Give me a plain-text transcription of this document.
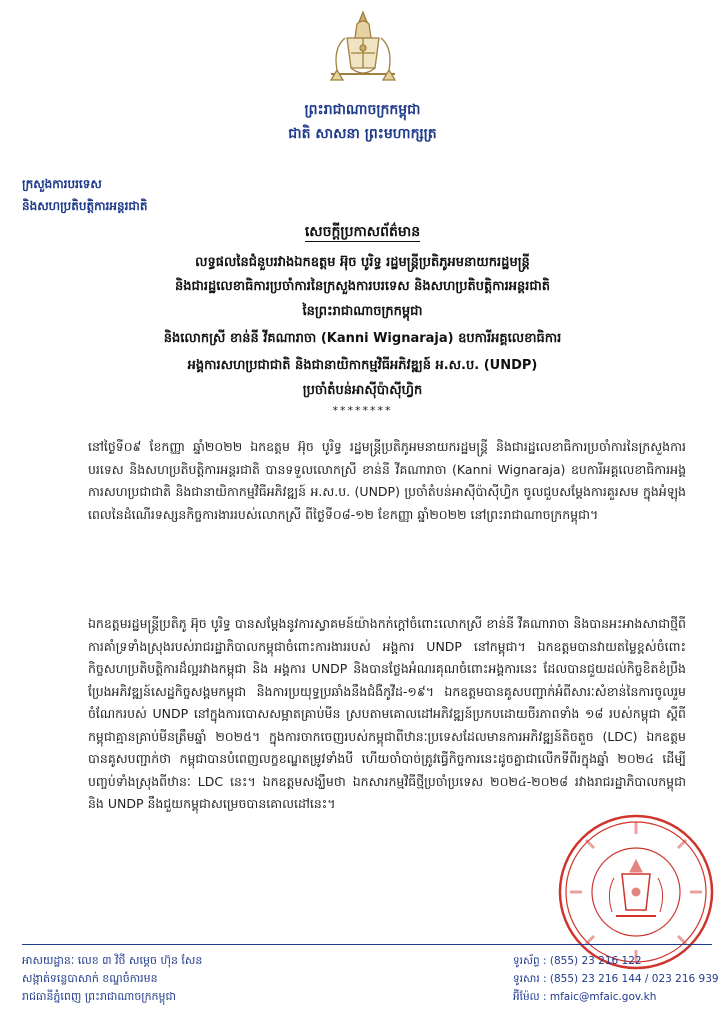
ព្រះរាជាណាចក្រកម្ពុជា
ជាតិ សាសនា ព្រះមហាក្សត្រ
ក្រសួងការបរទេស
និងសហប្រតិបត្តិការអន្តរជាតិ
សេចក្តីប្រកាសព័ត៌មាន
លទ្ធផលនៃជំនួបរវាងឯកឧត្តម អ៊ុច បូរិទ្ធ រដ្ឋមន្ត្រីប្រតិភូអមនាយករដ្ឋមន្ត្រី
និងជារដ្ឋលេខាធិការប្រចាំការនៃក្រសួងការបរទេស និងសហប្រតិបត្តិការអន្តរជាតិ
នៃព្រះរាជាណាចក្រកម្ពុជា
និងលោកស្រី ខាន់នី វីគណារាចា (Kanni Wignaraja) ឧបការីអគ្គលេខាធិការ
អង្គការសហប្រជាជាតិ និងជានាយិកាកម្មវិធីអភិវឌ្ឍន៍ អ.ស.ប. (UNDP)
ប្រចាំតំបន់អាស៊ីប៉ាស៊ីហ្វិក
********
នៅថ្ងៃទី០៩ ខែកញ្ញា ឆ្នាំ២០២២ ឯកឧត្តម អ៊ុច បូរិទ្ធ រដ្ឋមន្ត្រីប្រតិភូអមនាយករដ្ឋមន្ត្រី និងជារដ្ឋលេខាធិការប្រចាំការនៃក្រសួងការបរទេស និងសហប្រតិបត្តិការអន្តរជាតិ បានទទួលលោកស្រី ខាន់នី វីគណារាចា (Kanni Wignaraja) ឧបការីអគ្គលេខាធិការអង្គការសហប្រជាជាតិ និងជានាយិកាកម្មវិធីអភិវឌ្ឍន៍ អ.ស.ប. (UNDP) ប្រចាំតំបន់អាស៊ីប៉ាស៊ីហ្វិក ចូលជួបសម្តែងការគួរសម ក្នុងអំឡុងពេលនៃដំណើរទស្សនកិច្ចការងាររបស់លោកស្រី ពីថ្ងៃទី០៨-១២ ខែកញ្ញា ឆ្នាំ២០២២ នៅព្រះរាជាណាចក្រកម្ពុជា។
ឯកឧត្តមរដ្ឋមន្ត្រីប្រតិភូ អ៊ុច បូរិទ្ធ បានសម្តែងនូវការស្វាគមន៍យ៉ាងកក់ក្តៅចំពោះលោកស្រី ខាន់នី វីគណារាចា និងបានអះអាងសាជាថ្មីពីការគាំទ្រទាំងស្រុងរបស់រាជរដ្ឋាភិបាលកម្ពុជាចំពោះការងាររបស់ អង្គការ UNDP នៅកម្ពុជា។ ឯកឧត្តមបានវាយតម្លៃខ្ពស់ចំពោះកិច្ចសហប្រតិបត្តិការដ៏ល្អរវាងកម្ពុជា និង អង្គការ UNDP និងបានថ្លែងអំណរគុណចំពោះអង្គការនេះ ដែលបានជួយដល់កិច្ចខិតខំប្រឹងប្រែងអភិវឌ្ឍន៍សេដ្ឋកិច្ចសង្គមកម្ពុជា និងការប្រយុទ្ធប្រឆាំងនឹងជំងឺកូវីដ-១៩។ ឯកឧត្តមបានគូសបញ្ជាក់អំពីសារៈសំខាន់នៃការចូលរួមចំណែករបស់ UNDP នៅក្នុងការបោសសម្អាតគ្រាប់មីន ស្របតាមគោលដៅអភិវឌ្ឍន៍ប្រកបដោយចីរភាពទាំង ១៨ របស់កម្ពុជា ស្តីពីកម្ពុជាគ្មានគ្រាប់មីនត្រឹមឆ្នាំ ២០២៥។ ក្នុងការចាកចេញរបស់កម្ពុជាពីឋានៈប្រទេសដែលមានការអភិវឌ្ឍន៍តិចតួច (LDC) ឯកឧត្តមបានគូសបញ្ជាក់ថា កម្ពុជាបានបំពេញលក្ខខណ្ឌតម្រូវទាំងបី ហើយចាំបាច់ត្រូវធ្វើកិច្ចការនេះដូចគ្នាជាលើកទីពីរក្នុងឆ្នាំ ២០២៤ ដើម្បីបញ្ចប់ទាំងស្រុងពីឋានៈ LDC នេះ។ ឯកឧត្តមសង្ឃឹមថា ឯកសារកម្មវិធីថ្មីប្រចាំប្រទេស ២០២៤-២០២៨ រវាងរាជរដ្ឋាភិបាលកម្ពុជា និង UNDP នឹងជួយកម្ពុជាសម្រេចបានគោលដៅនេះ។
អាសយដ្ឋានៈ លេខ ៣ វិថី សម្តេច ហ៊ុន សែន
សង្កាត់ទន្លេបាសាក់ ខណ្ឌចំការមន
រាជធានីភ្នំពេញ ព្រះរាជាណាចក្រកម្ពុជា
ទូរស័ព្ទ : (855) 23 216 122
ទូរសារ : (855) 23 216 144 / 023 216 939
អ៊ីម៉ែល : mfaic@mfaic.gov.kh
